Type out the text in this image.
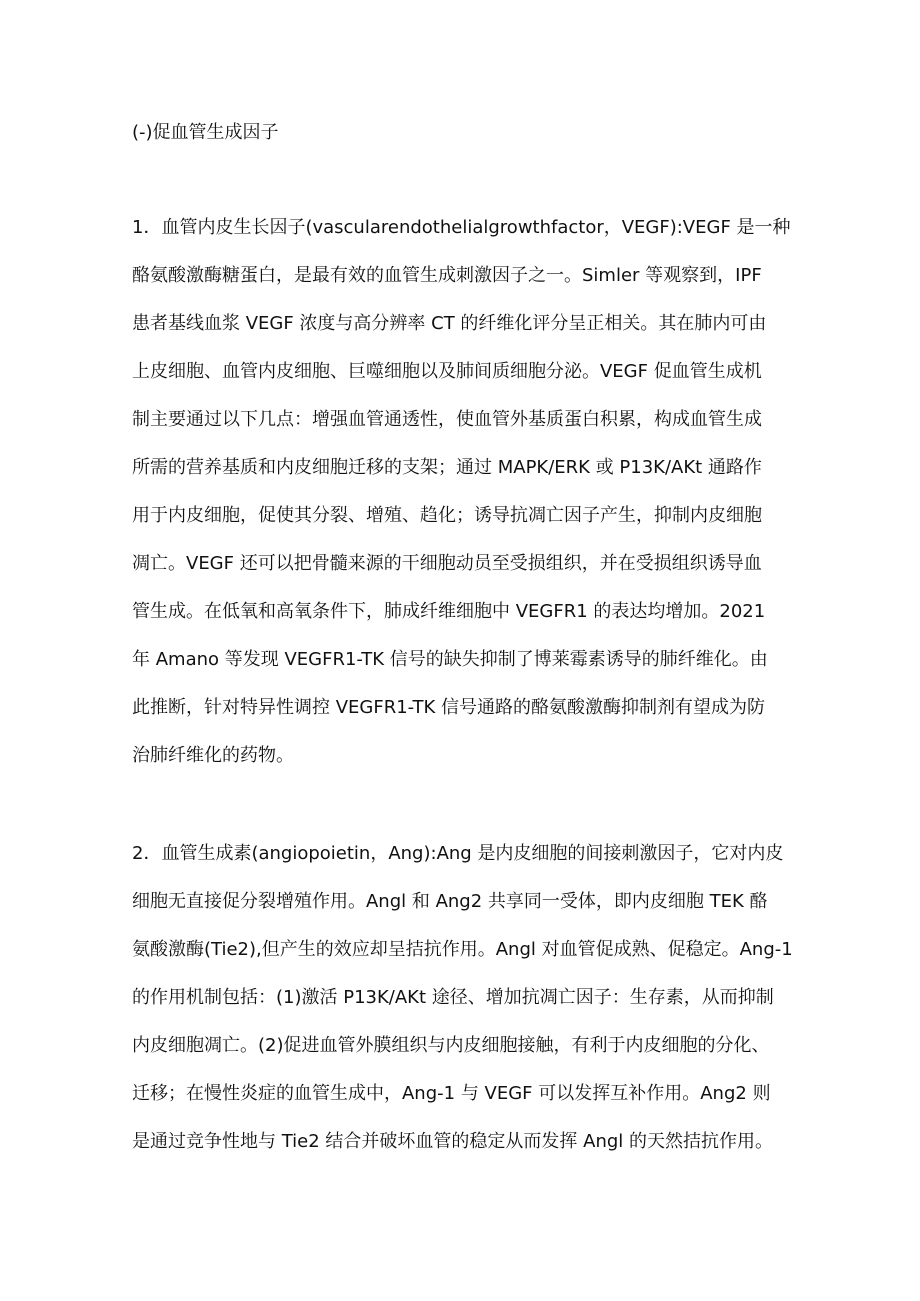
(-)促血管生成因子
1．血管内皮生长因子(vascularendothelialgrowthfactor，VEGF):VEGF 是一种
酪氨酸激酶糖蛋白，是最有效的血管生成刺激因子之一。Simler 等观察到，IPF
患者基线血浆 VEGF 浓度与高分辨率 CT 的纤维化评分呈正相关。其在肺内可由
上皮细胞、血管内皮细胞、巨噬细胞以及肺间质细胞分泌。VEGF 促血管生成机
制主要通过以下几点：增强血管通透性，使血管外基质蛋白积累，构成血管生成
所需的营养基质和内皮细胞迁移的支架；通过 MAPK/ERK 或 P13K/AKt 通路作
用于内皮细胞，促使其分裂、增殖、趋化；诱导抗凋亡因子产生，抑制内皮细胞
凋亡。VEGF 还可以把骨髓来源的干细胞动员至受损组织，并在受损组织诱导血
管生成。在低氧和高氧条件下，肺成纤维细胞中 VEGFR1 的表达均增加。2021
年 Amano 等发现 VEGFR1-TK 信号的缺失抑制了博莱霉素诱导的肺纤维化。由
此推断，针对特异性调控 VEGFR1-TK 信号通路的酪氨酸激酶抑制剂有望成为防
治肺纤维化的药物。
2．血管生成素(angiopoietin，Ang):Ang 是内皮细胞的间接刺激因子，它对内皮
细胞无直接促分裂增殖作用。Angl 和 Ang2 共享同一受体，即内皮细胞 TEK 酪
氨酸激酶(Tie2),但产生的效应却呈拮抗作用。Angl 对血管促成熟、促稳定。Ang-1
的作用机制包括：(1)激活 P13K/AKt 途径、增加抗凋亡因子：生存素，从而抑制
内皮细胞凋亡。(2)促进血管外膜组织与内皮细胞接触，有利于内皮细胞的分化、
迁移；在慢性炎症的血管生成中，Ang-1 与 VEGF 可以发挥互补作用。Ang2 则
是通过竞争性地与 Tie2 结合并破坏血管的稳定从而发挥 Angl 的天然拮抗作用。
